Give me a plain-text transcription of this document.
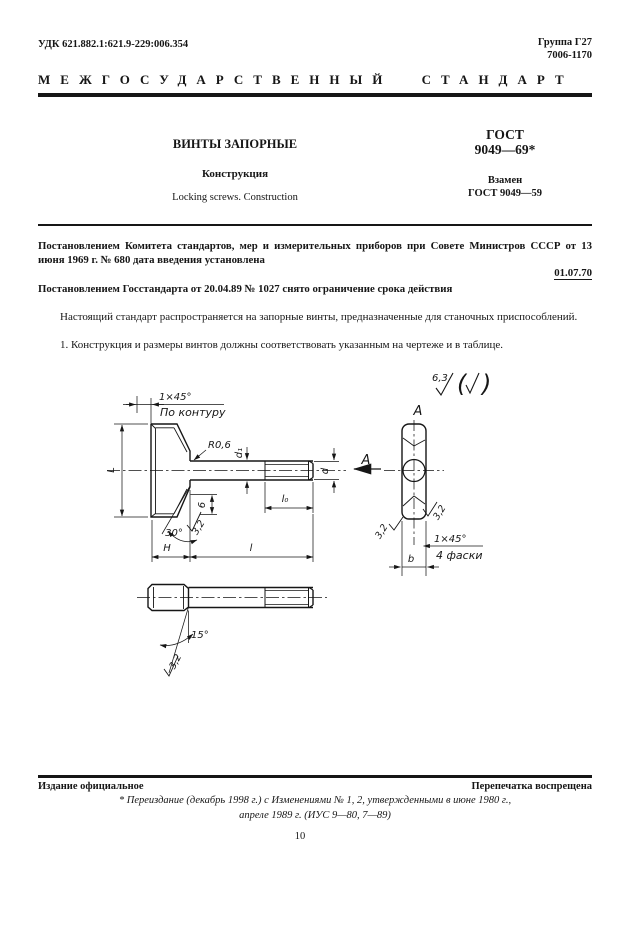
УДК 621.882.1:621.9-229:006.354	Группа Г27
7006-1170
МЕЖГОСУДАРСТВЕННЫЙ СТАНДАРТ
ВИНТЫ ЗАПОРНЫЕ
Конструкция
Locking screws. Construction
ГОСТ
9049—69*
Взамен
ГОСТ 9049—59
Постановлением Комитета стандартов, мер и измерительных приборов при Совете Министров СССР от 13 июня 1969 г. № 680 дата введения установлена
01.07.70
Постановлением Госстандарта от 20.04.89 № 1027 снято ограничение срока действия
Настоящий стандарт распространяется на запорные винты, предназначенные для станочных приспособлений.
1. Конструкция и размеры винтов должны соответствовать указанным на чертеже и в таблице.
1×45°
По контуру
R0,6
d₁
d
A
l₀
6
30° 3,2
H	l
L
6,3 ( )
A
b
1×45°
4 фаски
3,2
3,2
15°
3,2
Издание официальное	Перепечатка воспрещена
* Переиздание (декабрь 1998 г.) с Изменениями № 1, 2, утвержденными в июне 1980 г.,
апреле 1989 г. (ИУС 9—80, 7—89)
10
